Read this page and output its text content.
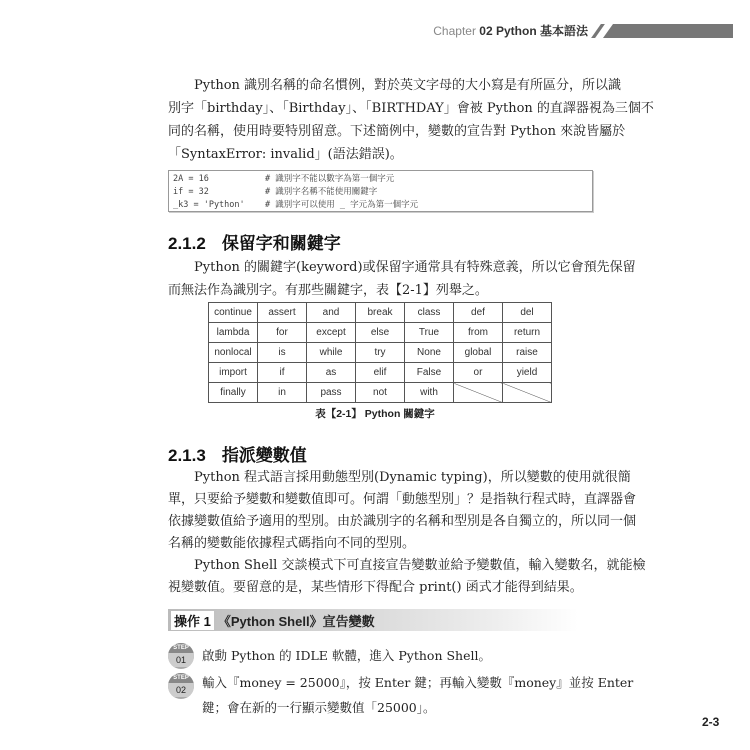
Chapter 02 Python 基本語法
Python 識別名稱的命名慣例，對於英文字母的大小寫是有所區分，所以識
別字「birthday」、「Birthday」、「BIRTHDAY」會被 Python 的直譯器視為三個不
同的名稱，使用時要特別留意。下述簡例中，變數的宣告對 Python 來說皆屬於
「SyntaxError: invalid」(語法錯誤)。
2A = 16	# 識別字不能以數字為第一個字元
if = 32	# 識別字名稱不能使用關鍵字
_k3 = 'Python'	# 識別字可以使用 _ 字元為第一個字元
2.1.2 保留字和關鍵字
Python 的關鍵字(keyword)或保留字通常具有特殊意義，所以它會預先保留
而無法作為識別字。有那些關鍵字，表【2-1】列舉之。
continue	assert	and	break	class	def	del
lambda	for	except	else	True	from	return
nonlocal	is	while	try	None	global	raise
import	if	as	elif	False	or	yield
finally	in	pass	not	with		
表【2-1】 Python 關鍵字
2.1.3 指派變數值
Python 程式語言採用動態型別(Dynamic typing)，所以變數的使用就很簡
單，只要給予變數和變數值即可。何謂「動態型別」？是指執行程式時，直譯器會
依據變數值給予適用的型別。由於識別字的名稱和型別是各自獨立的，所以同一個
名稱的變數能依據程式碼指向不同的型別。
Python Shell 交談模式下可直接宣告變數並給予變數值，輸入變數名，就能檢
視變數值。要留意的是，某些情形下得配合 print() 函式才能得到結果。
操作 1 《Python Shell》宣告變數
STEP
01	啟動 Python 的 IDLE 軟體，進入 Python Shell。
STEP
02	輸入『money = 25000』，按 Enter 鍵；再輸入變數『money』並按 Enter
鍵；會在新的一行顯示變數值「25000」。
2-3
